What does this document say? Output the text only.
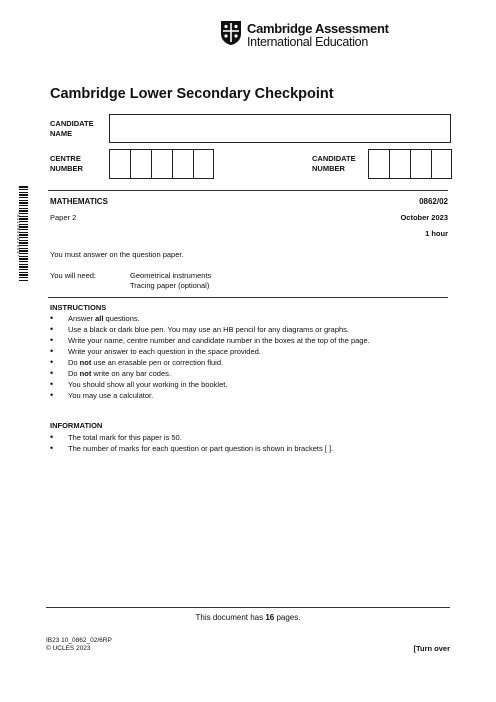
Cambridge Assessment
International Education
Cambridge Lower Secondary Checkpoint
CANDIDATE
NAME
CENTRE
NUMBER
CANDIDATE
NUMBER
* 8 1 1 9 6 5 2 8 2 6 5 4 *
MATHEMATICS	0862/02
Paper 2	October 2023
1 hour
You must answer on the question paper.
You will need:	Geometrical instruments
Tracing paper (optional)
INSTRUCTIONS
• Answer all questions.
• Use a black or dark blue pen. You may use an HB pencil for any diagrams or graphs.
• Write your name, centre number and candidate number in the boxes at the top of the page.
• Write your answer to each question in the space provided.
• Do not use an erasable pen or correction fluid.
• Do not write on any bar codes.
• You should show all your working in the booklet.
• You may use a calculator.
INFORMATION
• The total mark for this paper is 50.
• The number of marks for each question or part question is shown in brackets [ ].
This document has 16 pages.
IB23 10_0862_02/6RP
© UCLES 2023	[Turn over
